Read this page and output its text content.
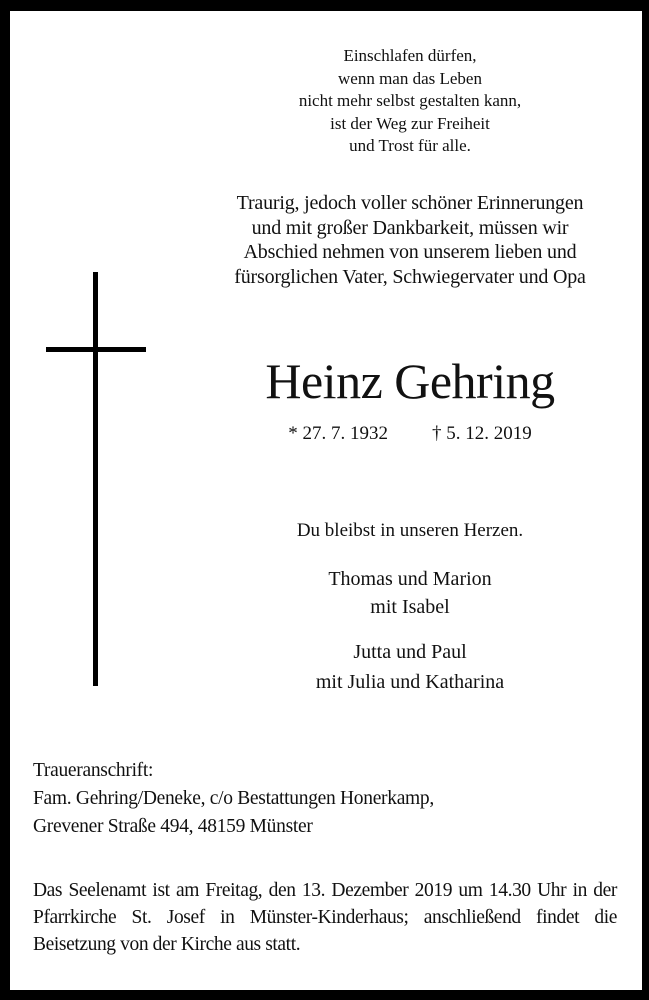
Einschlafen dürfen,
wenn man das Leben
nicht mehr selbst gestalten kann,
ist der Weg zur Freiheit
und Trost für alle.
Traurig, jedoch voller schöner Erinnerungen
und mit großer Dankbarkeit, müssen wir
Abschied nehmen von unserem lieben und
fürsorglichen Vater, Schwiegervater und Opa
Heinz Gehring
* 27. 7. 1932 † 5. 12. 2019
Du bleibst in unseren Herzen.
Thomas und Marion
mit Isabel
Jutta und Paul
mit Julia und Katharina
Traueranschrift:
Fam. Gehring/Deneke, c/o Bestattungen Honerkamp,
Grevener Straße 494, 48159 Münster
Das Seelenamt ist am Freitag, den 13. Dezember 2019 um 14.30 Uhr in der Pfarrkirche St. Josef in Münster-Kinderhaus; anschließend findet die Beisetzung von der Kirche aus statt.
